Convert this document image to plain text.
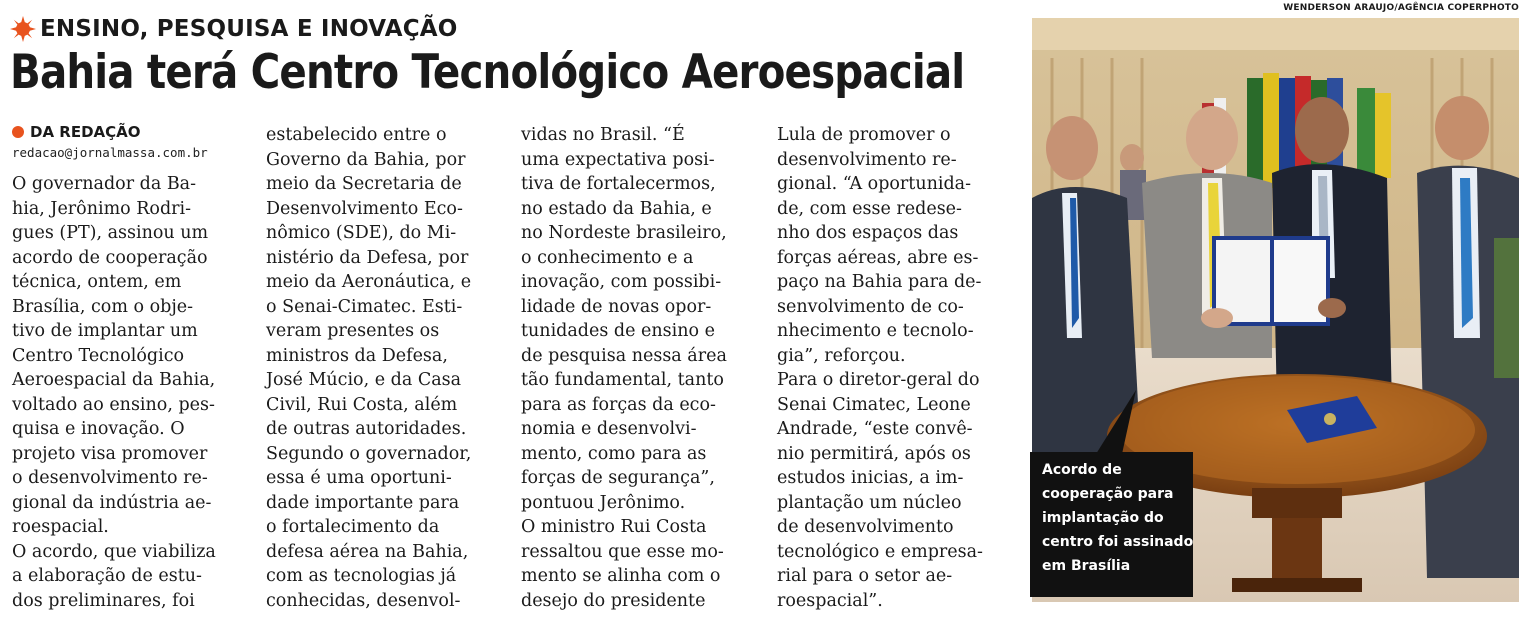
ENSINO, PESQUISA E INOVAÇÃO
Bahia terá Centro Tecnológico Aeroespacial
DA REDAÇÃO
redacao@jornalmassa.com.br
O governador da Ba-
hia, Jerônimo Rodri-
gues (PT), assinou um
acordo de cooperação
técnica, ontem, em
Brasília, com o obje-
tivo de implantar um
Centro Tecnológico
Aeroespacial da Bahia,
voltado ao ensino, pes-
quisa e inovação. O
projeto visa promover
o desenvolvimento re-
gional da indústria ae-
roespacial.
O acordo, que viabiliza
a elaboração de estu-
dos preliminares, foi
estabelecido entre o
Governo da Bahia, por
meio da Secretaria de
Desenvolvimento Eco-
nômico (SDE), do Mi-
nistério da Defesa, por
meio da Aeronáutica, e
o Senai-Cimatec. Esti-
veram presentes os
ministros da Defesa,
José Múcio, e da Casa
Civil, Rui Costa, além
de outras autoridades.
Segundo o governador,
essa é uma oportuni-
dade importante para
o fortalecimento da
defesa aérea na Bahia,
com as tecnologias já
conhecidas, desenvol-
vidas no Brasil. “É
uma expectativa posi-
tiva de fortalecermos,
no estado da Bahia, e
no Nordeste brasileiro,
o conhecimento e a
inovação, com possibi-
lidade de novas opor-
tunidades de ensino e
de pesquisa nessa área
tão fundamental, tanto
para as forças da eco-
nomia e desenvolvi-
mento, como para as
forças de segurança”,
pontuou Jerônimo.
O ministro Rui Costa
ressaltou que esse mo-
mento se alinha com o
desejo do presidente
Lula de promover o
desenvolvimento re-
gional. “A oportunida-
de, com esse redese-
nho dos espaços das
forças aéreas, abre es-
paço na Bahia para de-
senvolvimento de co-
nhecimento e tecnolo-
gia”, reforçou.
Para o diretor-geral do
Senai Cimatec, Leone
Andrade, “este convê-
nio permitirá, após os
estudos inicias, a im-
plantação um núcleo
de desenvolvimento
tecnológico e empresa-
rial para o setor ae-
roespacial”.
WENDERSON ARAUJO/AGÊNCIA COPERPHOTO
Acordo de
cooperação para
implantação do
centro foi assinado
em Brasília
